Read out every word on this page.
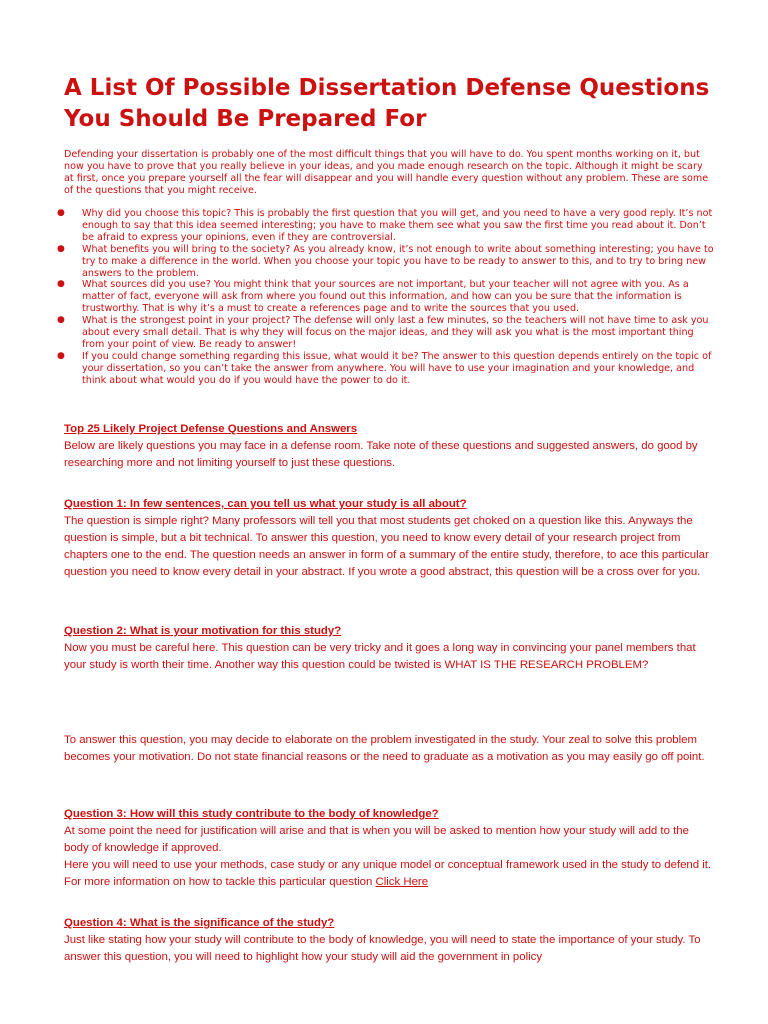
A List Of Possible Dissertation Defense Questions You Should Be Prepared For

Defending your dissertation is probably one of the most difficult things that you will have to do. You spent months working on it, but now you have to prove that you really believe in your ideas, and you made enough research on the topic. Although it might be scary at first, once you prepare yourself all the fear will disappear and you will handle every question without any problem. These are some of the questions that you might receive.

● Why did you choose this topic? This is probably the first question that you will get, and you need to have a very good reply. It’s not enough to say that this idea seemed interesting; you have to make them see what you saw the first time you read about it. Don’t be afraid to express your opinions, even if they are controversial.
● What benefits you will bring to the society? As you already know, it’s not enough to write about something interesting; you have to try to make a difference in the world. When you choose your topic you have to be ready to answer to this, and to try to bring new answers to the problem.
● What sources did you use? You might think that your sources are not important, but your teacher will not agree with you. As a matter of fact, everyone will ask from where you found out this information, and how can you be sure that the information is trustworthy. That is why it’s a must to create a references page and to write the sources that you used.
● What is the strongest point in your project? The defense will only last a few minutes, so the teachers will not have time to ask you about every small detail. That is why they will focus on the major ideas, and they will ask you what is the most important thing from your point of view. Be ready to answer!
● If you could change something regarding this issue, what would it be? The answer to this question depends entirely on the topic of your dissertation, so you can’t take the answer from anywhere. You will have to use your imagination and your knowledge, and think about what would you do if you would have the power to do it.

Top 25 Likely Project Defense Questions and Answers

Below are likely questions you may face in a defense room. Take note of these questions and suggested answers, do good by researching more and not limiting yourself to just these questions.

Question 1: In few sentences, can you tell us what your study is all about?

The question is simple right? Many professors will tell you that most students get choked on a question like this. Anyways the question is simple, but a bit technical. To answer this question, you need to know every detail of your research project from chapters one to the end. The question needs an answer in form of a summary of the entire study, therefore, to ace this particular question you need to know every detail in your abstract. If you wrote a good abstract, this question will be a cross over for you.

Question 2: What is your motivation for this study?

Now you must be careful here. This question can be very tricky and it goes a long way in convincing your panel members that your study is worth their time. Another way this question could be twisted is WHAT IS THE RESEARCH PROBLEM?

To answer this question, you may decide to elaborate on the problem investigated in the study. Your zeal to solve this problem becomes your motivation. Do not state financial reasons or the need to graduate as a motivation as you may easily go off point.

Question 3: How will this study contribute to the body of knowledge?

At some point the need for justification will arise and that is when you will be asked to mention how your study will add to the body of knowledge if approved.

Here you will need to use your methods, case study or any unique model or conceptual framework used in the study to defend it. For more information on how to tackle this particular question Click Here

Question 4: What is the significance of the study?

Just like stating how your study will contribute to the body of knowledge, you will need to state the importance of your study. To answer this question, you will need to highlight how your study will aid the government in policy
